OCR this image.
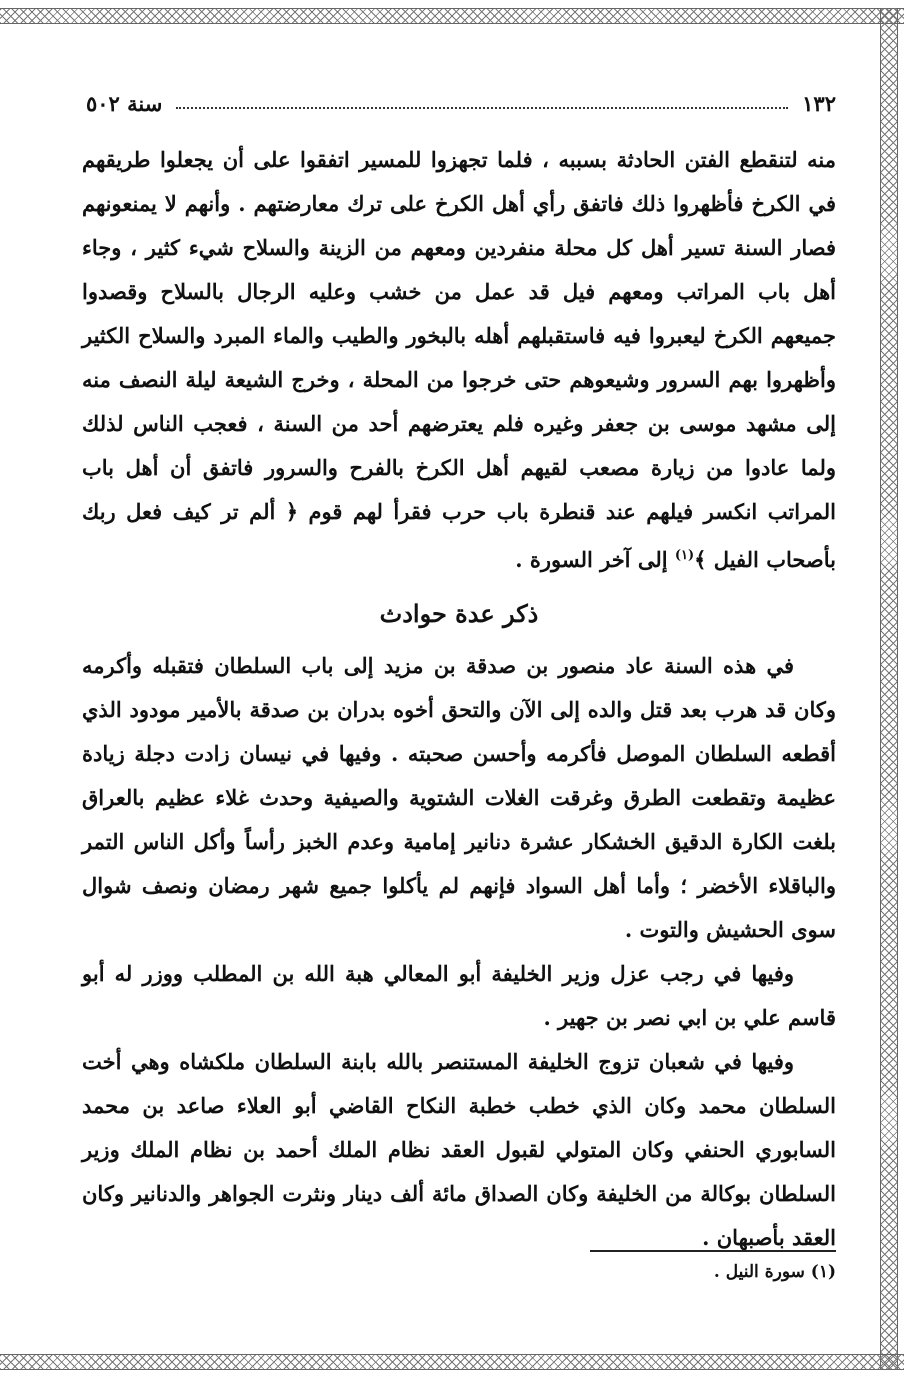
١٣٢
سنة ٥٠٢

منه لتنقطع الفتن الحادثة بسببه ، فلما تجهزوا للمسير اتفقوا على أن يجعلوا طريقهم في الكرخ فأظهروا ذلك فاتفق رأي أهل الكرخ على ترك معارضتهم . وأنهم لا يمنعونهم فصار السنة تسير أهل كل محلة منفردين ومعهم من الزينة والسلاح شيء كثير ، وجاء أهل باب المراتب ومعهم فيل قد عمل من خشب وعليه الرجال بالسلاح وقصدوا جميعهم الكرخ ليعبروا فيه فاستقبلهم أهله بالبخور والطيب والماء المبرد والسلاح الكثير وأظهروا بهم السرور وشيعوهم حتى خرجوا من المحلة ، وخرج الشيعة ليلة النصف منه إلى مشهد موسى بن جعفر وغيره فلم يعترضهم أحد من السنة ، فعجب الناس لذلك ولما عادوا من زيارة مصعب لقيهم أهل الكرخ بالفرح والسرور فاتفق أن أهل باب المراتب انكسر فيلهم عند قنطرة باب حرب فقرأ لهم قوم ﴿ ألم تر كيف فعل ربك بأصحاب الفيل ﴾$^{(١)}$ إلى آخر السورة .

ذكر عدة حوادث

في هذه السنة عاد منصور بن صدقة بن مزيد إلى باب السلطان فتقبله وأكرمه وكان قد هرب بعد قتل والده إلى الآن والتحق أخوه بدران بن صدقة بالأمير مودود الذي أقطعه السلطان الموصل فأكرمه وأحسن صحبته . وفيها في نيسان زادت دجلة زيادة عظيمة وتقطعت الطرق وغرقت الغلات الشتوية والصيفية وحدث غلاء عظيم بالعراق بلغت الكارة الدقيق الخشكار عشرة دنانير إمامية وعدم الخبز رأساً وأكل الناس التمر والباقلاء الأخضر ؛ وأما أهل السواد فإنهم لم يأكلوا جميع شهر رمضان ونصف شوال سوى الحشيش والتوت .

وفيها في رجب عزل وزير الخليفة أبو المعالي هبة الله بن المطلب ووزر له أبو قاسم علي بن ابي نصر بن جهير .

وفيها في شعبان تزوج الخليفة المستنصر بالله بابنة السلطان ملكشاه وهي أخت السلطان محمد وكان الذي خطب خطبة النكاح القاضي أبو العلاء صاعد بن محمد السابوري الحنفي وكان المتولي لقبول العقد نظام الملك أحمد بن نظام الملك وزير السلطان بوكالة من الخليفة وكان الصداق مائة ألف دينار ونثرت الجواهر والدنانير وكان العقد بأصبهان .

(١) سورة النيل .
